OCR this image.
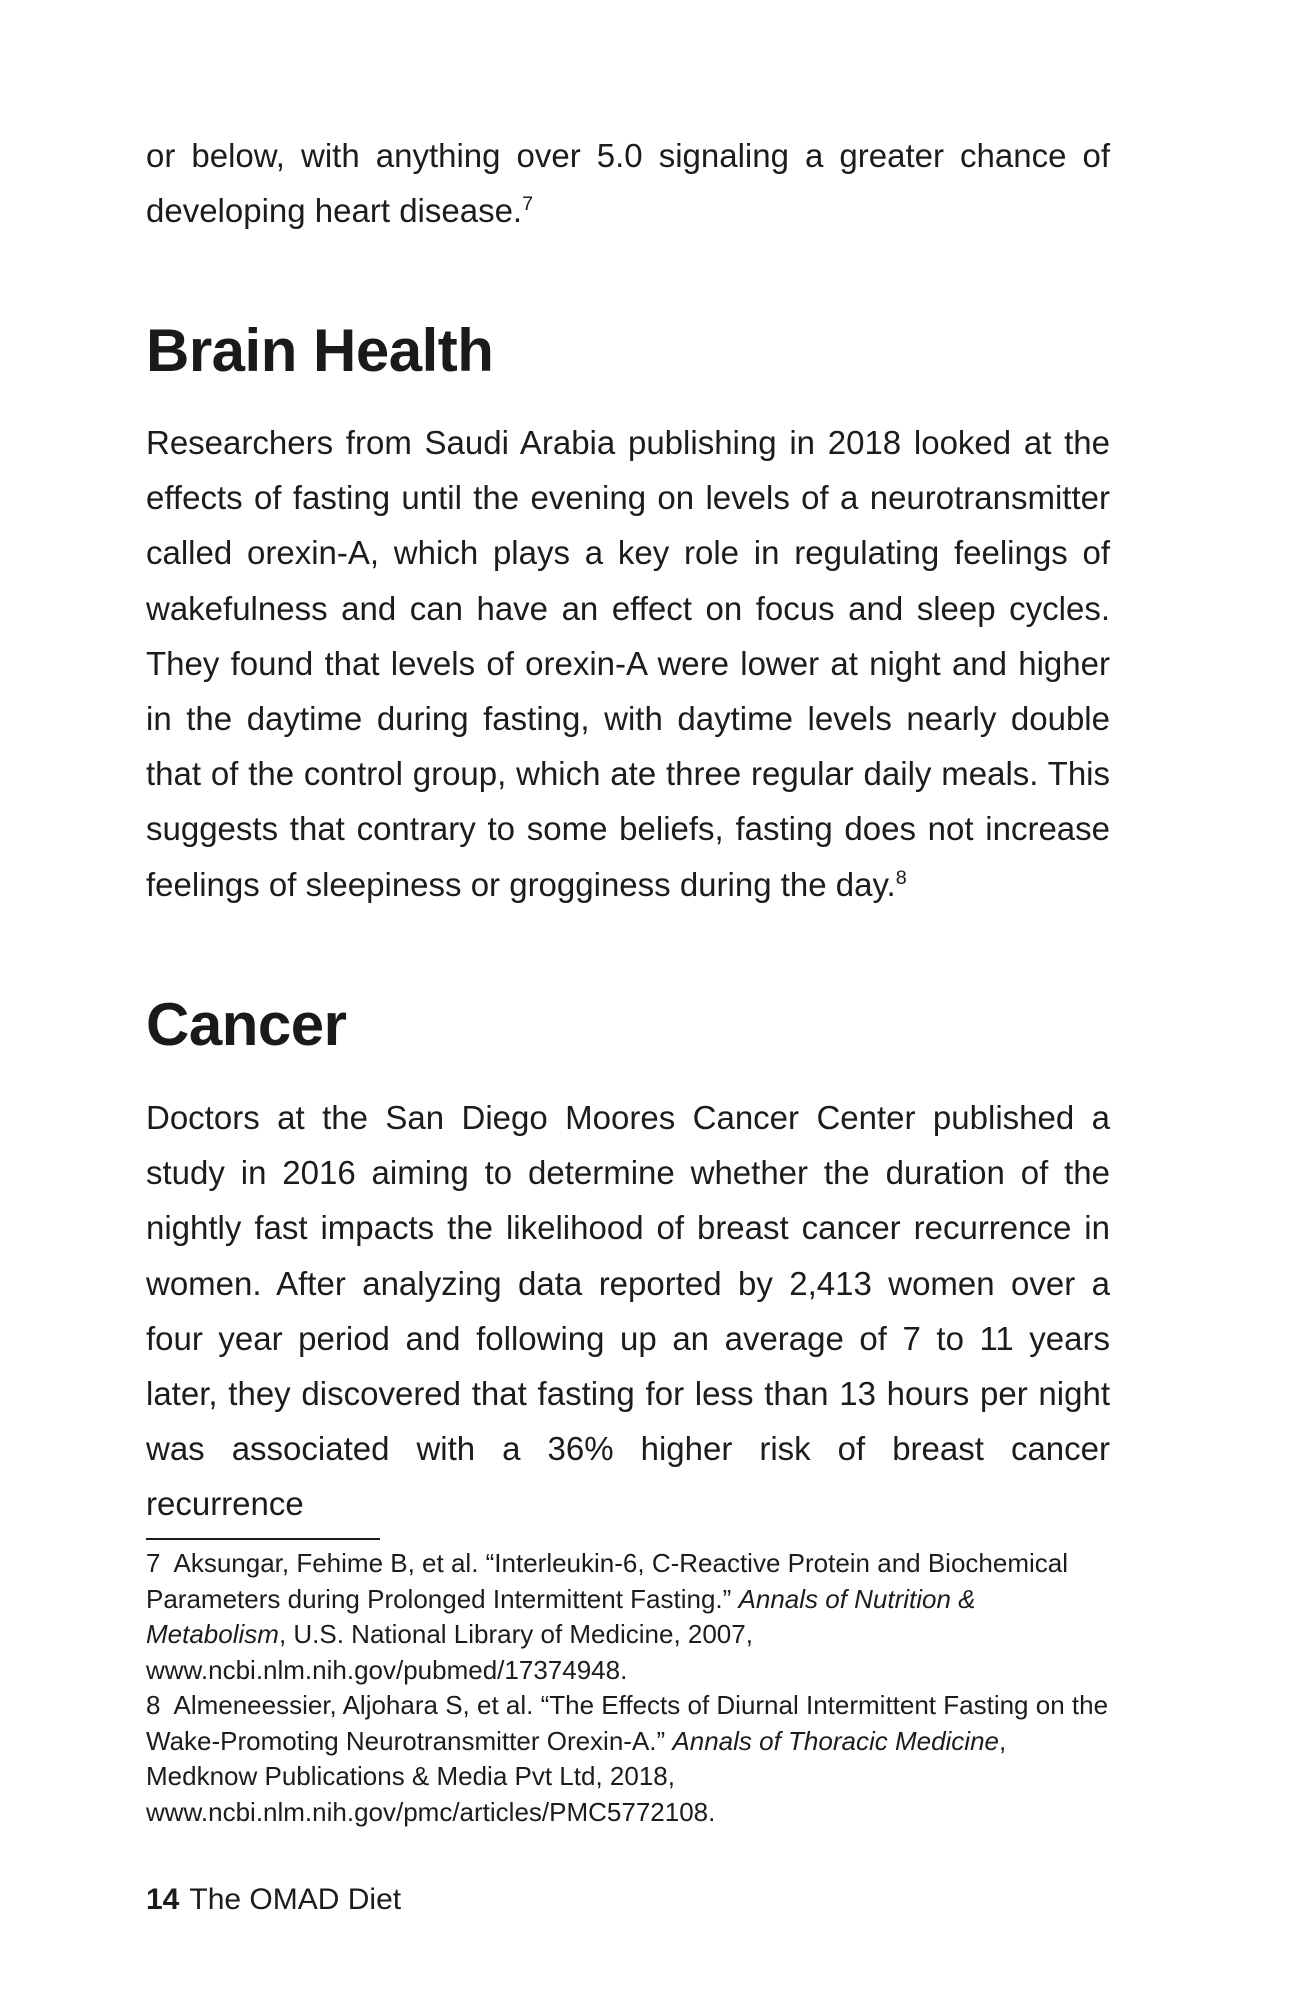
or below, with anything over 5.0 signaling a greater chance of developing heart disease.$^7$

Brain Health

Researchers from Saudi Arabia publishing in 2018 looked at the effects of fasting until the evening on levels of a neurotransmitter called orexin-A, which plays a key role in regulating feelings of wakefulness and can have an effect on focus and sleep cycles. They found that levels of orexin-A were lower at night and higher in the daytime during fasting, with daytime levels nearly double that of the control group, which ate three regular daily meals. This suggests that contrary to some beliefs, fasting does not increase feelings of sleepiness or grogginess during the day.$^8$

Cancer

Doctors at the San Diego Moores Cancer Center published a study in 2016 aiming to determine whether the duration of the nightly fast impacts the likelihood of breast cancer recurrence in women. After analyzing data reported by 2,413 women over a four year period and following up an average of 7 to 11 years later, they discovered that fasting for less than 13 hours per night was associated with a 36% higher risk of breast cancer recurrence

7 Aksungar, Fehime B, et al. “Interleukin-6, C-Reactive Protein and Biochemical Parameters during Prolonged Intermittent Fasting.” Annals of Nutrition & Metabolism, U.S. National Library of Medicine, 2007, www.ncbi.nlm.nih.gov/pubmed/17374948.

8 Almeneessier, Aljohara S, et al. “The Effects of Diurnal Intermittent Fasting on the Wake-Promoting Neurotransmitter Orexin-A.” Annals of Thoracic Medicine, Medknow Publications & Media Pvt Ltd, 2018, www.ncbi.nlm.nih.gov/pmc/articles/PMC5772108.

14 The OMAD Diet
